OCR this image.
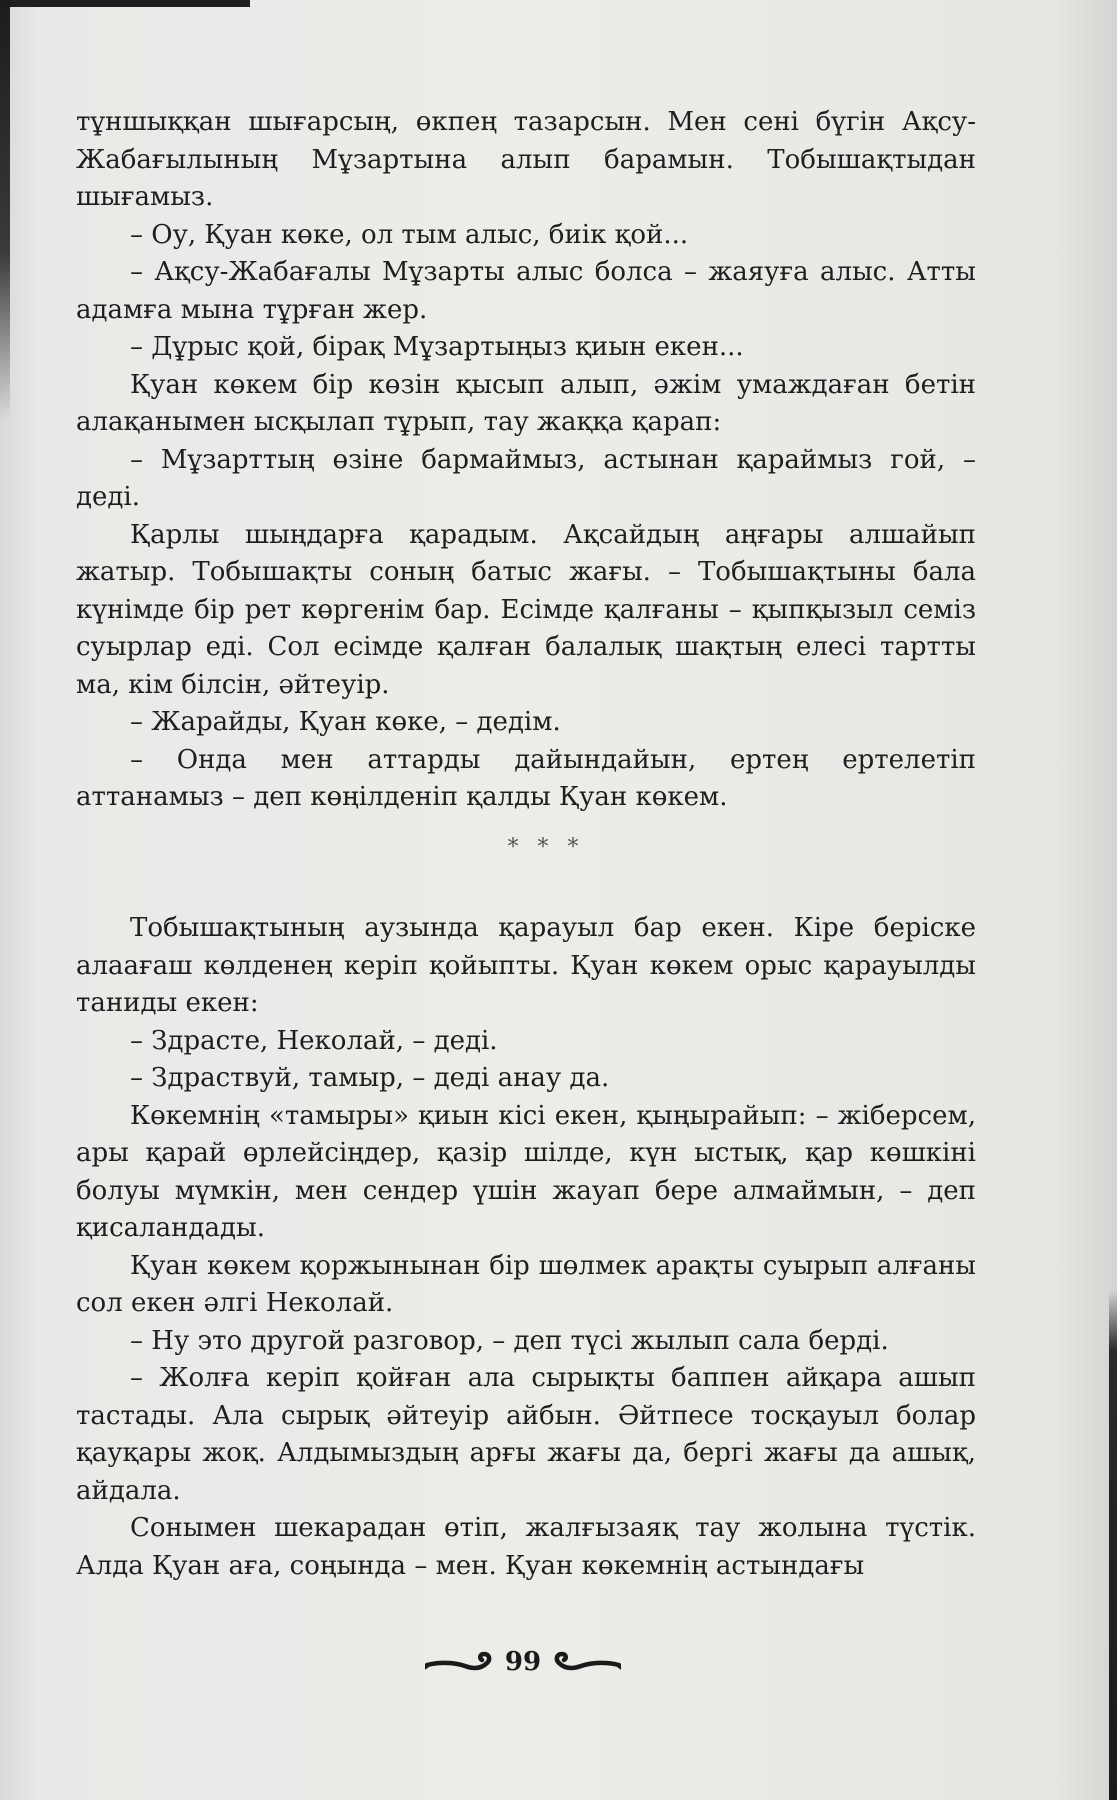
тұншыққан шығарсың, өкпең тазарсын. Мен сені бүгін Ақсу-Жабағылының Мұзартына алып барамын. Тобышақтыдан шығамыз.

– Оу, Қуан көке, ол тым алыс, биік қой...

– Ақсу-Жабағалы Мұзарты алыс болса – жаяуға алыс. Атты адамға мына тұрған жер.

– Дұрыс қой, бірақ Мұзартыңыз қиын екен...

Қуан көкем бір көзін қысып алып, әжім умаждаған бетін алақанымен ысқылап тұрып, тау жаққа қарап:

– Мұзарттың өзіне бармаймыз, астынан қараймыз гой, – деді.

Қарлы шыңдарға қарадым. Ақсайдың аңғары алшайып жатыр. Тобышақты соның батыс жағы. – Тобышақтыны бала күнімде бір рет көргенім бар. Есімде қалғаны – қыпқызыл семіз суырлар еді. Сол есімде қалған балалық шақтың елесі тартты ма, кім білсін, әйтеуір.

– Жарайды, Қуан көке, – дедім.

– Онда мен аттарды дайындайын, ертең ертелетіп аттанамыз – деп көңілденіп қалды Қуан көкем.

* * *

Тобышақтының аузында қарауыл бар екен. Кіре беріске алаағаш көлденең керіп қойыпты. Қуан көкем орыс қарауылды таниды екен:

– Здрасте, Неколай, – деді.

– Здраствуй, тамыр, – деді анау да.

Көкемнің «тамыры» қиын кісі екен, қыңырайып: – жіберсем, ары қарай өрлейсіңдер, қазір шілде, күн ыстық, қар көшкіні болуы мүмкін, мен сендер үшін жауап бере алмаймын, – деп қисаландады.

Қуан көкем қоржынынан бір шөлмек арақты суырып алғаны сол екен әлгі Неколай.

– Ну это другой разговор, – деп түсі жылып сала берді.

– Жолға керіп қойған ала сырықты баппен айқара ашып тастады. Ала сырық әйтеуір айбын. Әйтпесе тосқауыл болар қауқары жоқ. Алдымыздың арғы жағы да, бергі жағы да ашық, айдала.

Сонымен шекарадан өтіп, жалғызаяқ тау жолына түстік. Алда Қуан аға, соңында – мен. Қуан көкемнің астындағы

99
